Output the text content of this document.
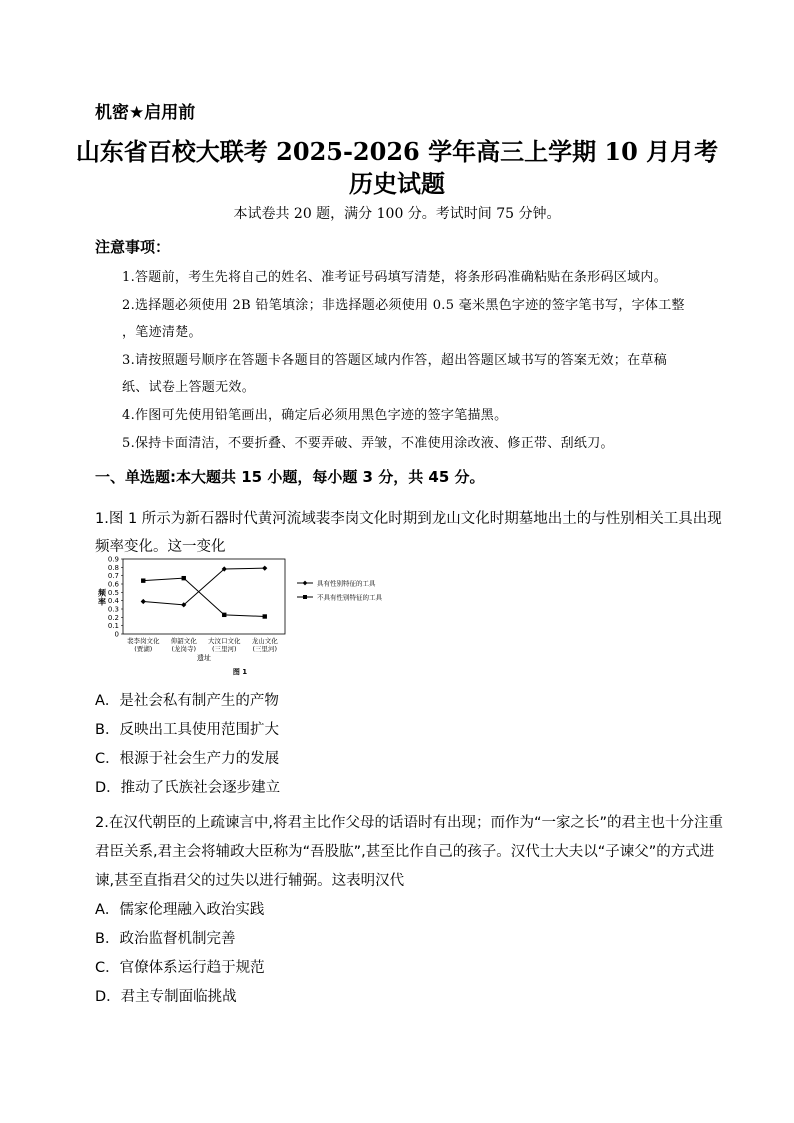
机密★启用前
山东省百校大联考 2025-2026 学年高三上学期 10 月月考
历史试题
本试卷共 20 题，满分 100 分。考试时间 75 分钟。
注意事项：
1.答题前，考生先将自己的姓名、准考证号码填写清楚，将条形码准确粘贴在条形码区域内。
2.选择题必须使用 2B 铅笔填涂；非选择题必须使用 0.5 毫米黑色字迹的签字笔书写，字体工整
，笔迹清楚。
3.请按照题号顺序在答题卡各题目的答题区域内作答，超出答题区域书写的答案无效；在草稿
纸、试卷上答题无效。
4.作图可先使用铅笔画出，确定后必须用黑色字迹的签字笔描黑。
5.保持卡面清洁，不要折叠、不要弄破、弄皱，不准使用涂改液、修正带、刮纸刀。
一、单选题:本大题共 15 小题，每小题 3 分，共 45 分。
1.图 1 所示为新石器时代黄河流域裴李岗文化时期到龙山文化时期墓地出土的与性别相关工具出现
频率变化。这一变化
0
0.1
0.2
0.3
0.4
0.5
0.6
0.7
0.8
0.9
频率
裴李岗文化
(贾湖)
仰韶文化
(龙岗寺)
大汶口文化
(三里河)
龙山文化
(三里河)
遗址
图 1
具有性别特征的工具
不具有性别特征的工具
A．是社会私有制产生的产物
B．反映出工具使用范围扩大
C．根源于社会生产力的发展
D．推动了氏族社会逐步建立
2.在汉代朝臣的上疏谏言中,将君主比作父母的话语时有出现；而作为“一家之长”的君主也十分注重
君臣关系,君主会将辅政大臣称为“吾股肱”,甚至比作自己的孩子。汉代士大夫以“子谏父”的方式进
谏,甚至直指君父的过失以进行辅弼。这表明汉代
A．儒家伦理融入政治实践
B．政治监督机制完善
C．官僚体系运行趋于规范
D．君主专制面临挑战
